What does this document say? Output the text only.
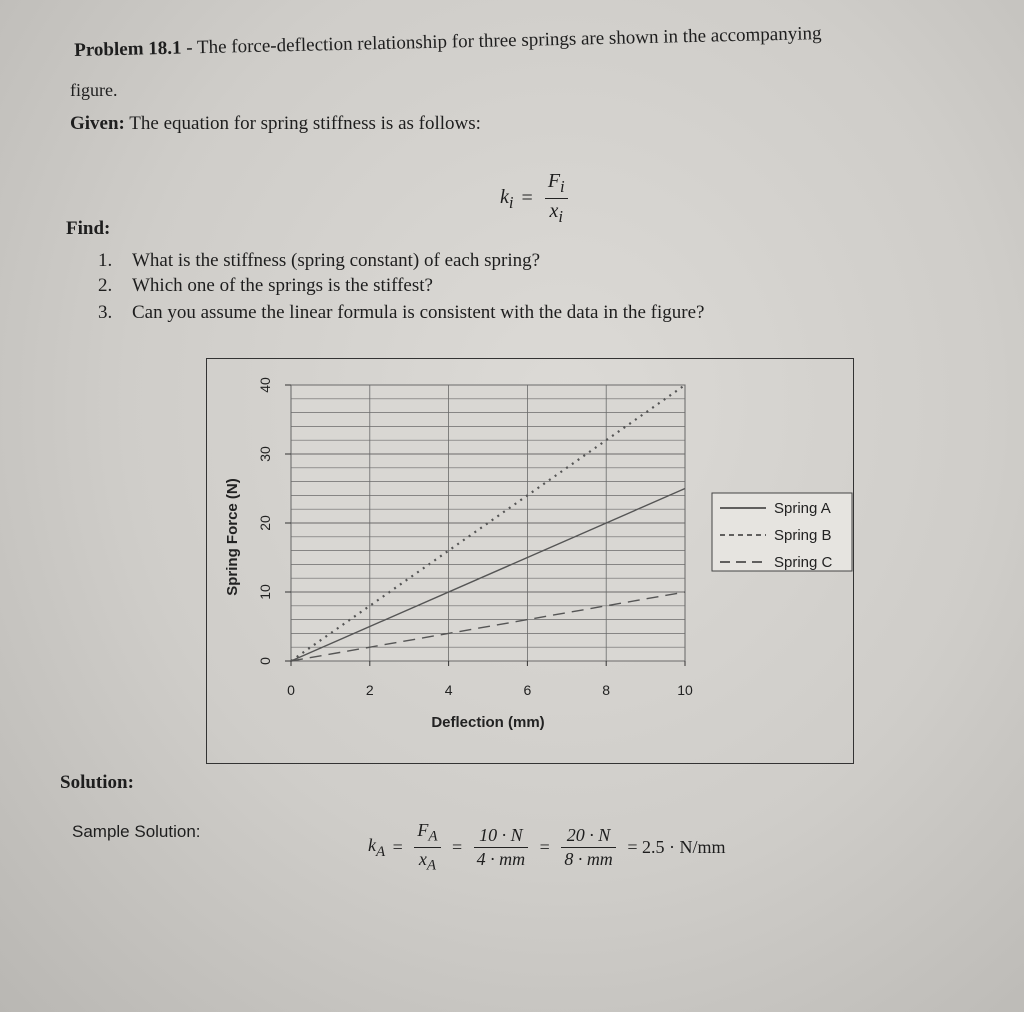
Problem 18.1 - The force-deflection relationship for three springs are shown in the accompanying
figure.
Given: The equation for spring stiffness is as follows:
$k_i = \frac{F_i}{x_i}$
Find:
1. What is the stiffness (spring constant) of each spring?
2. Which one of the springs is the stiffest?
3. Can you assume the linear formula is consistent with the data in the figure?
0
10
20
30
40
0	2	4	6	8	10
Deflection (mm)
Spring Force (N)	Spring A
Spring B
Spring C
Solution:
Sample Solution:
$k_A = \frac{F_A}{x_A} = \frac{10 \cdot N}{4 \cdot mm} = \frac{20 \cdot N}{8 \cdot mm} = 2.5 \cdot N/mm$
